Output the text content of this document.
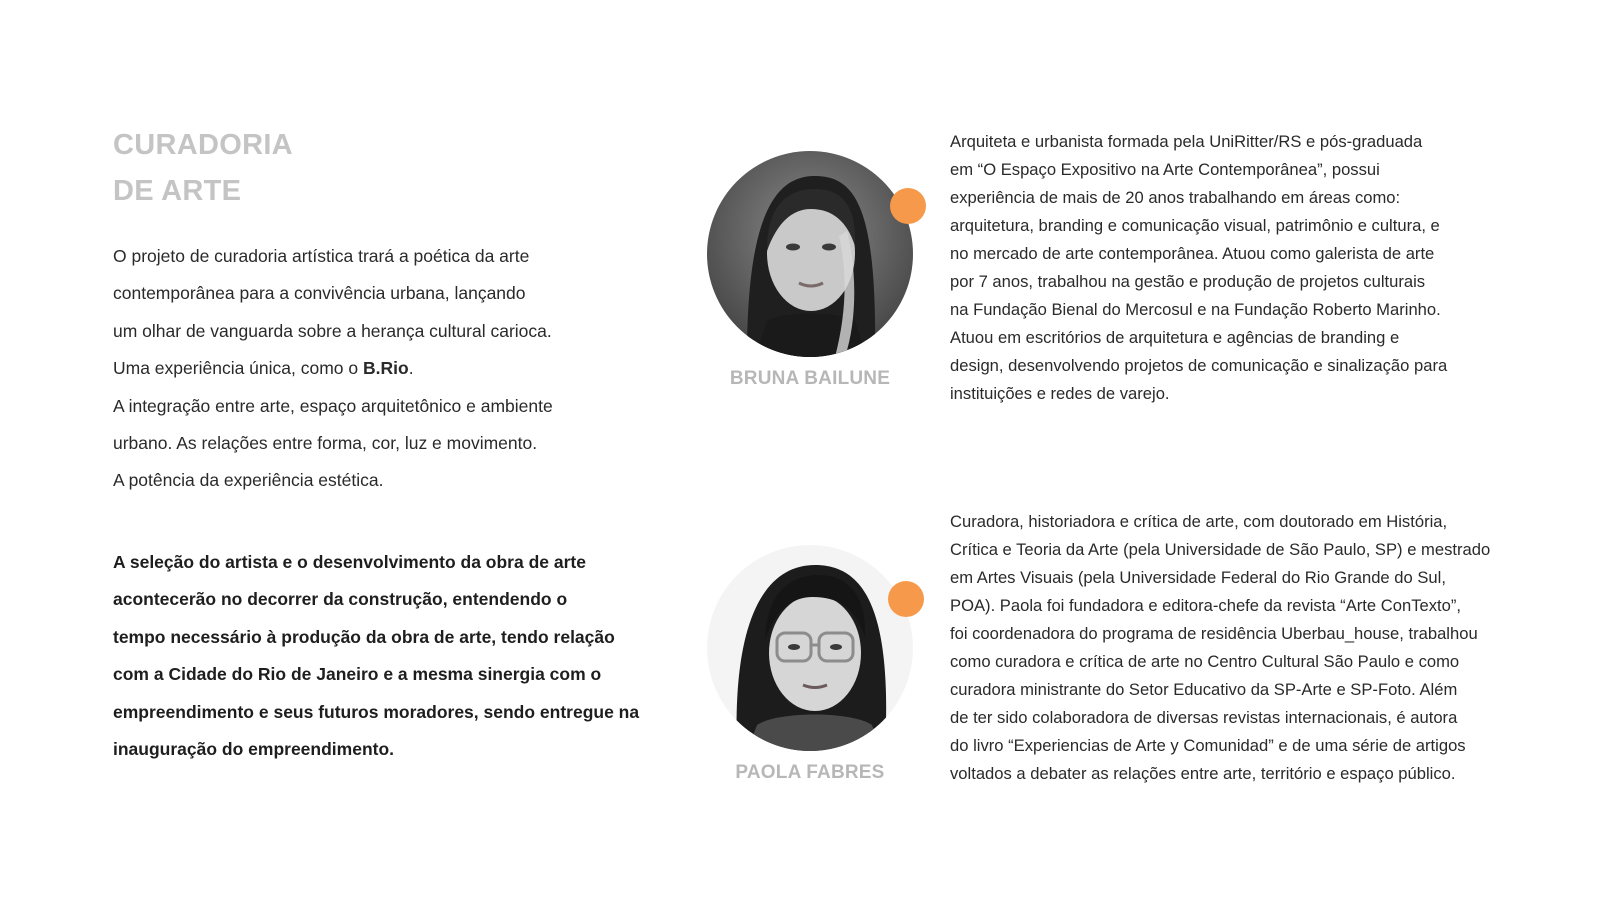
CURADORIA
DE ARTE

O projeto de curadoria artística trará a poética da arte

contemporânea para a convivência urbana, lançando

um olhar de vanguarda sobre a herança cultural carioca.

Uma experiência única, como o B.Rio.

A integração entre arte, espaço arquitetônico e ambiente

urbano. As relações entre forma, cor, luz e movimento.

A potência da experiência estética.

A seleção do artista e o desenvolvimento da obra de arte
acontecerão no decorrer da construção, entendendo o
tempo necessário à produção da obra de arte, tendo relação
com a Cidade do Rio de Janeiro e a mesma sinergia com o
empreendimento e seus futuros moradores, sendo entregue na
inauguração do empreendimento.
BRUNA BAILUNE
Arquiteta e urbanista formada pela UniRitter/RS e pós-graduada
em “O Espaço Expositivo na Arte Contemporânea”, possui
experiência de mais de 20 anos trabalhando em áreas como:
arquitetura, branding e comunicação visual, patrimônio e cultura, e
no mercado de arte contemporânea. Atuou como galerista de arte
por 7 anos, trabalhou na gestão e produção de projetos culturais
na Fundação Bienal do Mercosul e na Fundação Roberto Marinho.
Atuou em escritórios de arquitetura e agências de branding e
design, desenvolvendo projetos de comunicação e sinalização para
instituições e redes de varejo.
PAOLA FABRES
Curadora, historiadora e crítica de arte, com doutorado em História,
Crítica e Teoria da Arte (pela Universidade de São Paulo, SP) e mestrado
em Artes Visuais (pela Universidade Federal do Rio Grande do Sul,
POA). Paola foi fundadora e editora-chefe da revista “Arte ConTexto”,
foi coordenadora do programa de residência Uberbau_house, trabalhou
como curadora e crítica de arte no Centro Cultural São Paulo e como
curadora ministrante do Setor Educativo da SP-Arte e SP-Foto. Além
de ter sido colaboradora de diversas revistas internacionais, é autora
do livro “Experiencias de Arte y Comunidad” e de uma série de artigos
voltados a debater as relações entre arte, território e espaço público.
